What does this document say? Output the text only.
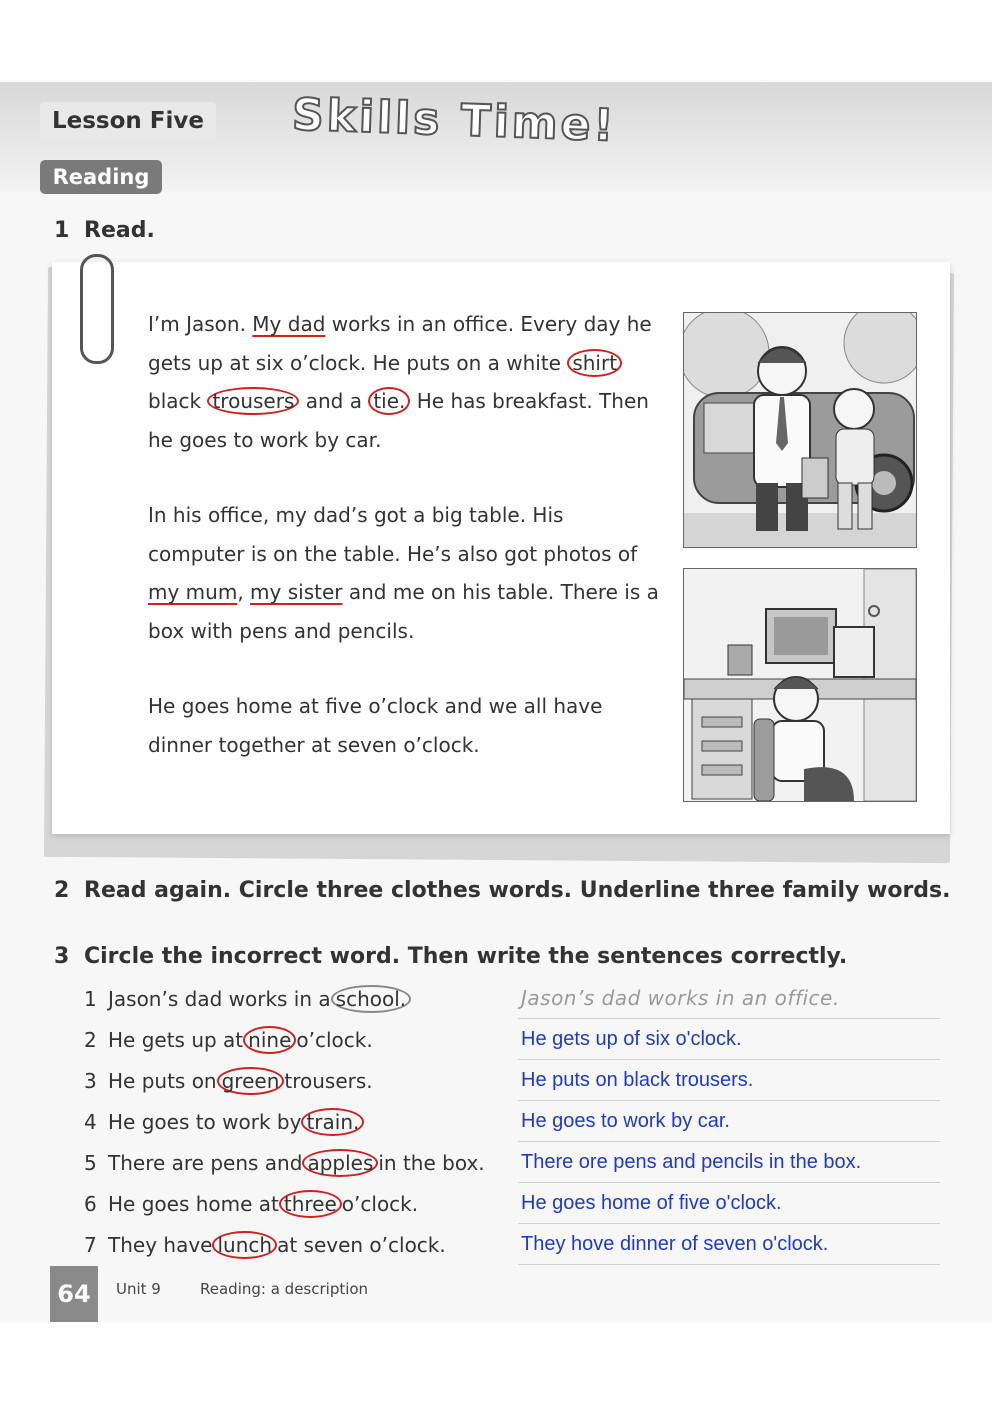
Lesson Five Skills Time!
Reading
1 Read.

I’m Jason. My dad works in an office. Every day he gets up at six o’clock. He puts on a white shirt black trousers and a tie. He has breakfast. Then he goes to work by car.

In his office, my dad’s got a big table. His computer is on the table. He’s also got photos of my mum, my sister and me on his table. There is a box with pens and pencils.

He goes home at five o’clock and we all have dinner together at seven o’clock.

2 Read again. Circle three clothes words. Underline three family words.
3 Circle the incorrect word. Then write the sentences correctly.
1 Jason’s dad works in a school.
2 He gets up at nine o’clock.
3 He puts on green trousers.
4 He goes to work by train.
5 There are pens and apples in the box.
6 He goes home at three o’clock.
7 They have lunch at seven o’clock.
Jason’s dad works in an office.
He gets up of six o'clock.
He puts on black trousers.
He goes to work by car.
There ore pens and pencils in the box.
He goes home of five o'clock.
They hove dinner of seven o'clock.
64	Unit 9	Reading: a description
